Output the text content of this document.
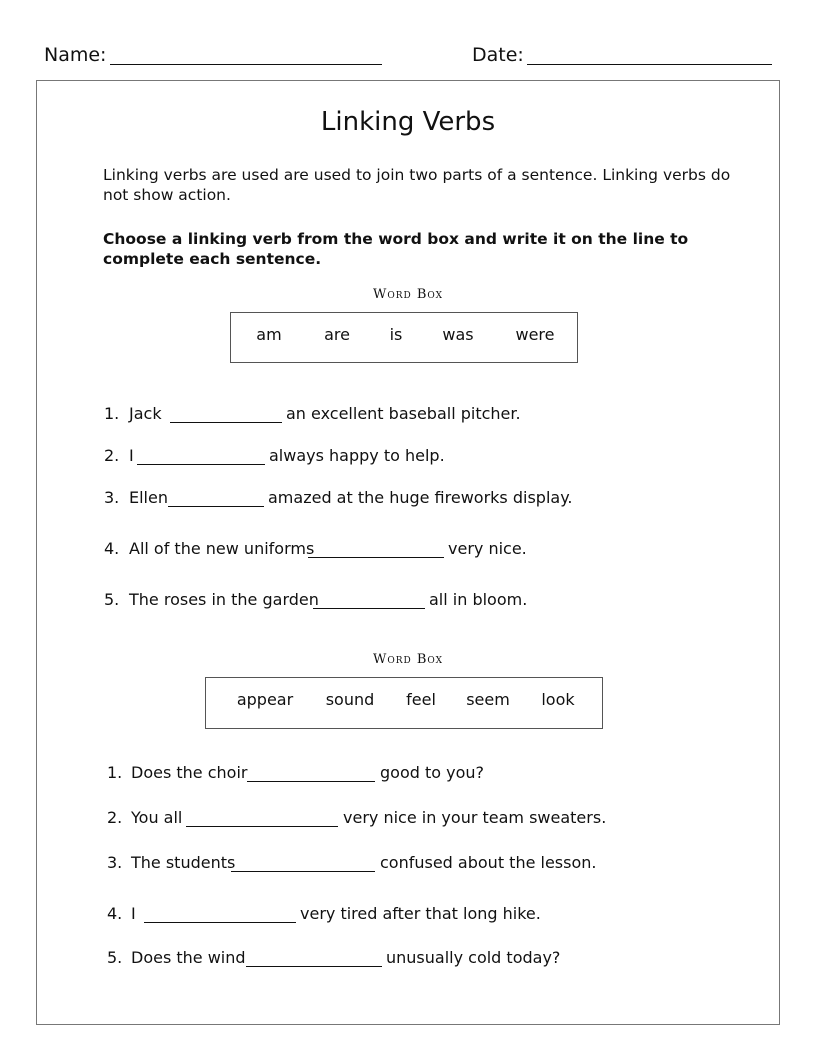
Name:	Date:
Linking Verbs
Linking verbs are used are used to join two parts of a sentence. Linking verbs do not show action.
Choose a linking verb from the word box and write it on the line to complete each sentence.
Word Box
am	are is was	were
1. Jack	an excellent baseball pitcher.
2. I	always happy to help.
3. Ellen	amazed at the huge fireworks display.
4. All of the new uniforms	very nice.
5. The roses in the garden	all in bloom.
Word Box
appear sound feel seem look
1. Does the choir	good to you?
2. You all	very nice in your team sweaters.
3. The students	confused about the lesson.
4. I	very tired after that long hike.
5. Does the wind	unusually cold today?
